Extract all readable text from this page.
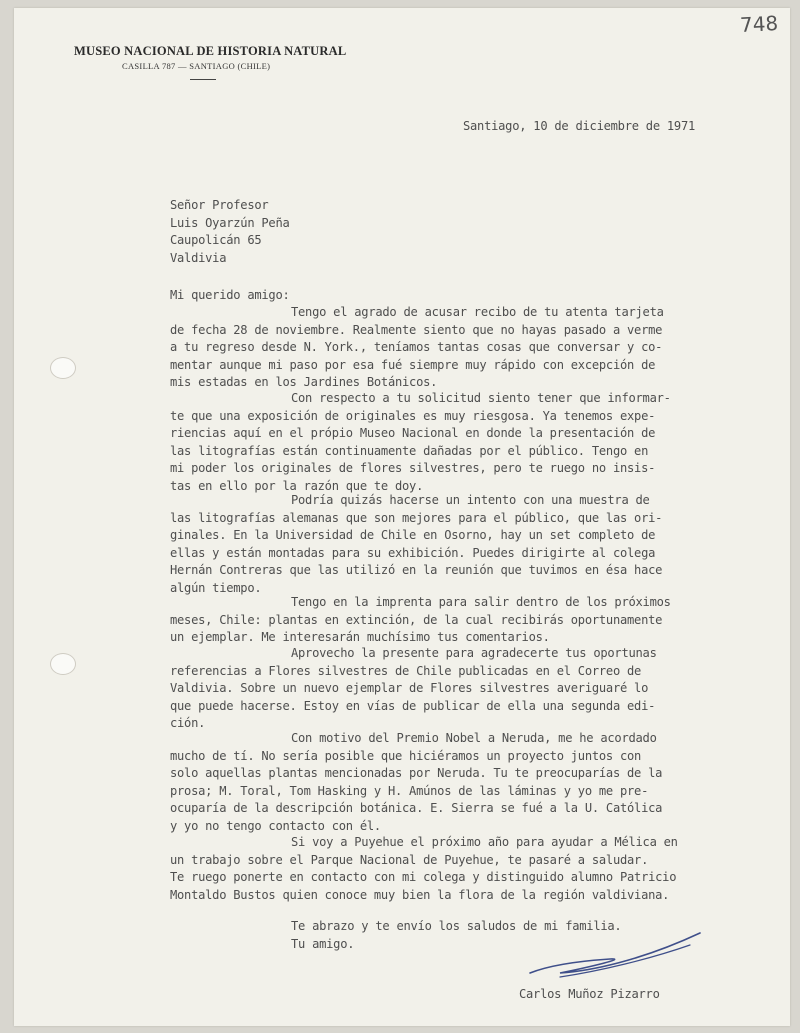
748
MUSEO NACIONAL DE HISTORIA NATURAL
CASILLA 787 — SANTIAGO (CHILE)
Santiago, 10 de diciembre de 1971
Señor Profesor
Luis Oyarzún Peña
Caupolicán 65
Valdivia
Mi querido amigo:
Tengo el agrado de acusar recibo de tu atenta tarjeta
de fecha 28 de noviembre. Realmente siento que no hayas pasado a verme
a tu regreso desde N. York., teníamos tantas cosas que conversar y co-
mentar aunque mi paso por esa fué siempre muy rápido con excepción de
mis estadas en los Jardines Botánicos.
Con respecto a tu solicitud siento tener que informar-
te que una exposición de originales es muy riesgosa. Ya tenemos expe-
riencias aquí en el própio Museo Nacional en donde la presentación de
las litografías están continuamente dañadas por el público. Tengo en
mi poder los originales de flores silvestres, pero te ruego no insis-
tas en ello por la razón que te doy.
Podría quizás hacerse un intento con una muestra de
las litografías alemanas que son mejores para el público, que las ori-
ginales. En la Universidad de Chile en Osorno, hay un set completo de
ellas y están montadas para su exhibición. Puedes dirigirte al colega
Hernán Contreras que las utilizó en la reunión que tuvimos en ésa hace
algún tiempo.
Tengo en la imprenta para salir dentro de los próximos
meses, Chile: plantas en extinción, de la cual recibirás oportunamente
un ejemplar. Me interesarán muchísimo tus comentarios.
Aprovecho la presente para agradecerte tus oportunas
referencias a Flores silvestres de Chile publicadas en el Correo de
Valdivia. Sobre un nuevo ejemplar de Flores silvestres averiguaré lo
que puede hacerse. Estoy en vías de publicar de ella una segunda edi-
ción.
Con motivo del Premio Nobel a Neruda, me he acordado
mucho de tí. No sería posible que hiciéramos un proyecto juntos con
solo aquellas plantas mencionadas por Neruda. Tu te preocuparías de la
prosa; M. Toral, Tom Hasking y H. Amúnos de las láminas y yo me pre-
ocuparía de la descripción botánica. E. Sierra se fué a la U. Católica
y yo no tengo contacto con él.
Si voy a Puyehue el próximo año para ayudar a Mélica en
un trabajo sobre el Parque Nacional de Puyehue, te pasaré a saludar.
Te ruego ponerte en contacto con mi colega y distinguido alumno Patricio
Montaldo Bustos quien conoce muy bien la flora de la región valdiviana.
Te abrazo y te envío los saludos de mi familia.
Tu amigo.
Carlos Muñoz Pizarro
